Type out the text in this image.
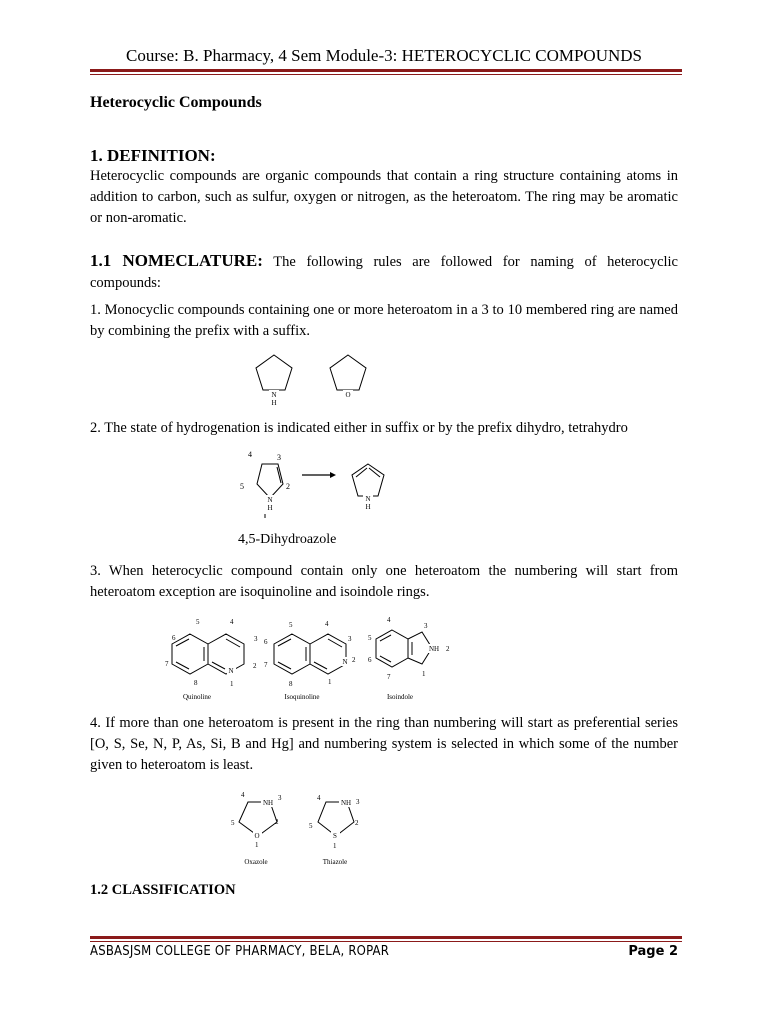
Course: B. Pharmacy, 4 Sem Module-3: HETEROCYCLIC COMPOUNDS
Heterocyclic Compounds
1. DEFINITION:
Heterocyclic compounds are organic compounds that contain a ring structure containing atoms in addition to carbon, such as sulfur, oxygen or nitrogen, as the heteroatom. The ring may be aromatic or non-aromatic.
1.1 NOMECLATURE: The following rules are followed for naming of heterocyclic compounds:
1. Monocyclic compounds containing one or more heteroatom in a 3 to 10 membered ring are named by combining the prefix with a suffix.
N
H
O
2. The state of hydrogenation is indicated either in suffix or by the prefix dihydro, tetrahydro
4	3
5	2
N
H
N
H
4,5-Dihydroazole
3. When heterocyclic compound contain only one heteroatom the numbering will start from heteroatom exception are isoquinoline and isoindole rings.
N
5	4
6	3
7	2
8	1
Quinoline
N
5	4
6	3
7
2
8	1
Isoquinoline
NH
4
3
5
2
6
7	1
Isoindole
4. If more than one heteroatom is present in the ring than numbering will start as preferential series [O, S, Se, N, P, As, Si, B and Hg] and numbering system is selected in which some of the number given to heteroatom is least.
NH
O
4	3
5	2
1
Oxazole
NH
S
4	3
5	2
1
Thiazole
1.2 CLASSIFICATION
ASBASJSM COLLEGE OF PHARMACY, BELA, ROPAR	Page 2
